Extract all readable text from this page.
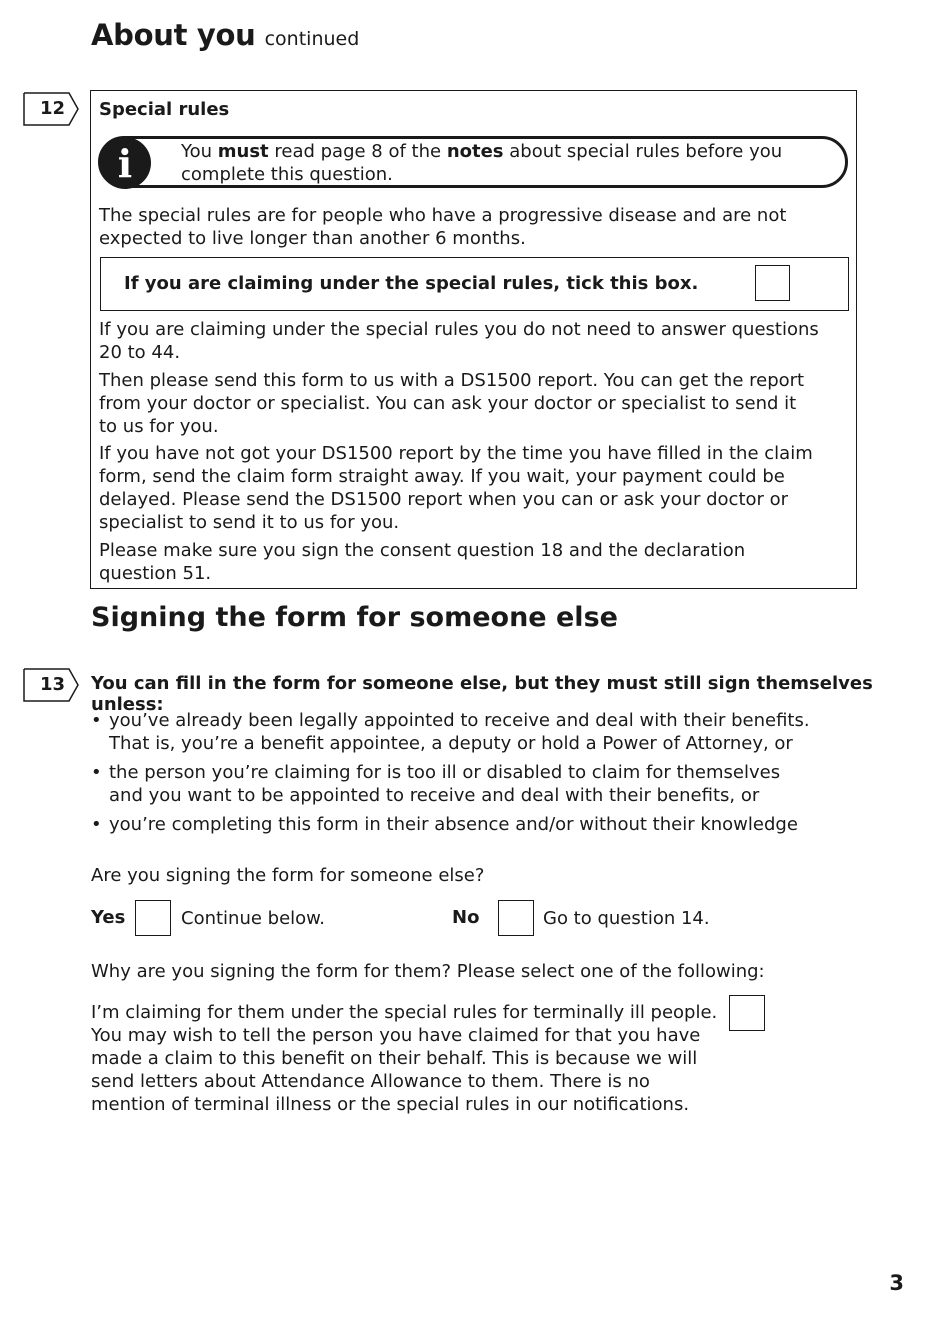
About you continued
12 Special rules
i	You must read page 8 of the notes about special rules before you complete this question.
The special rules are for people who have a progressive disease and are not expected to live longer than another 6 months.
If you are claiming under the special rules, tick this box.
If you are claiming under the special rules you do not need to answer questions 20 to 44.
Then please send this form to us with a DS1500 report. You can get the report from your doctor or specialist. You can ask your doctor or specialist to send it to us for you.
If you have not got your DS1500 report by the time you have filled in the claim form, send the claim form straight away. If you wait, your payment could be delayed. Please send the DS1500 report when you can or ask your doctor or specialist to send it to us for you.
Please make sure you sign the consent question 18 and the declaration question 51.
Signing the form for someone else
13 You can fill in the form for someone else, but they must still sign themselves unless:
• you’ve already been legally appointed to receive and deal with their benefits. That is, you’re a benefit appointee, a deputy or hold a Power of Attorney, or
• the person you’re claiming for is too ill or disabled to claim for themselves and you want to be appointed to receive and deal with their benefits, or
• you’re completing this form in their absence and/or without their knowledge
Are you signing the form for someone else?
Yes	Continue below.	No	Go to question 14.
Why are you signing the form for them? Please select one of the following:
I’m claiming for them under the special rules for terminally ill people. You may wish to tell the person you have claimed for that you have made a claim to this benefit on their behalf. This is because we will send letters about Attendance Allowance to them. There is no mention of terminal illness or the special rules in our notifications.
3
